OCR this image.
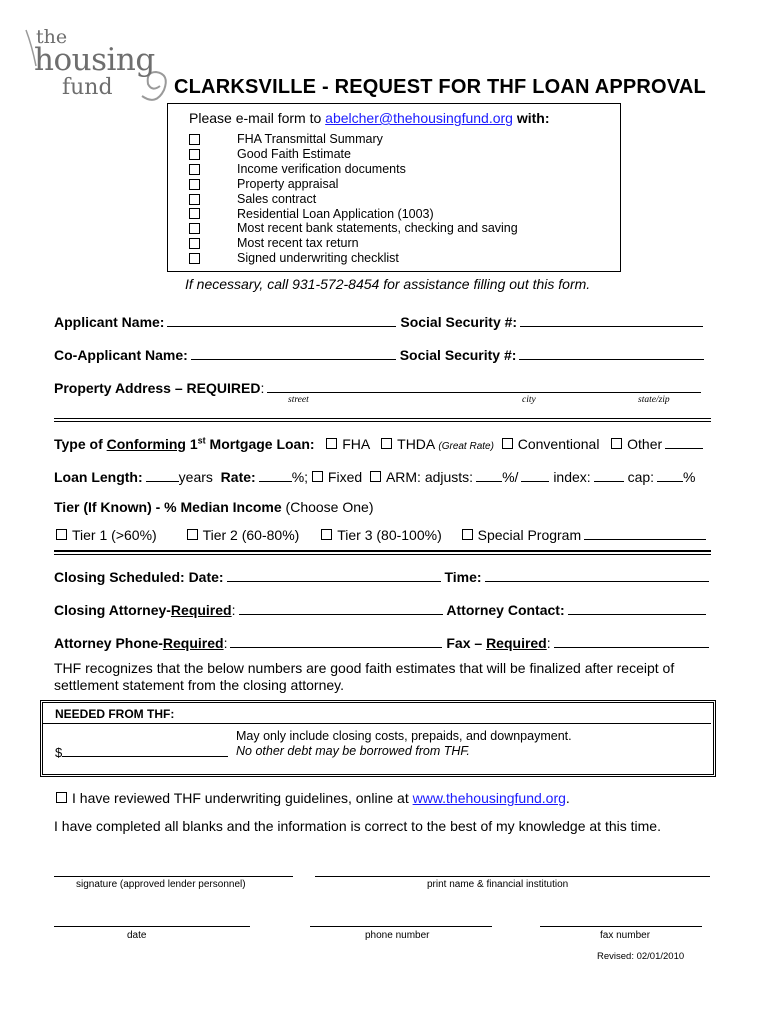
the
housing
fund	CLARKSVILLE - REQUEST FOR THF LOAN APPROVAL
Please e-mail form to abelcher@thehousingfund.org with:
FHA Transmittal Summary
Good Faith Estimate
Income verification documents
Property appraisal
Sales contract
Residential Loan Application (1003)
Most recent bank statements, checking and saving
Most recent tax return
Signed underwriting checklist
If necessary, call 931-572-8454 for assistance filling out this form.
Applicant Name:	Social Security #:
Co-Applicant Name:	Social Security #:
Property Address – REQUIRED:
street	city	state/zip
Type of Conforming 1st Mortgage Loan: FHA THDA (Great Rate) Conventional Other
Loan Length:	years Rate:	%; Fixed ARM: adjusts: %/ index:	cap: %
Tier (If Known) - % Median Income (Choose One)
Tier 1 (>60%)	Tier 2 (60-80%)	Tier 3 (80-100%)	Special Program
Closing Scheduled: Date:	Time:
Closing Attorney-Required:	Attorney Contact:
Attorney Phone-Required:	Fax – Required:
THF recognizes that the below numbers are good faith estimates that will be finalized after receipt of settlement statement from the closing attorney.
NEEDED FROM THF:
$
May only include closing costs, prepaids, and downpayment.
No other debt may be borrowed from THF.
I have reviewed THF underwriting guidelines, online at www.thehousingfund.org.
I have completed all blanks and the information is correct to the best of my knowledge at this time.
signature (approved lender personnel)	print name & financial institution
date	phone number	fax number
Revised: 02/01/2010
